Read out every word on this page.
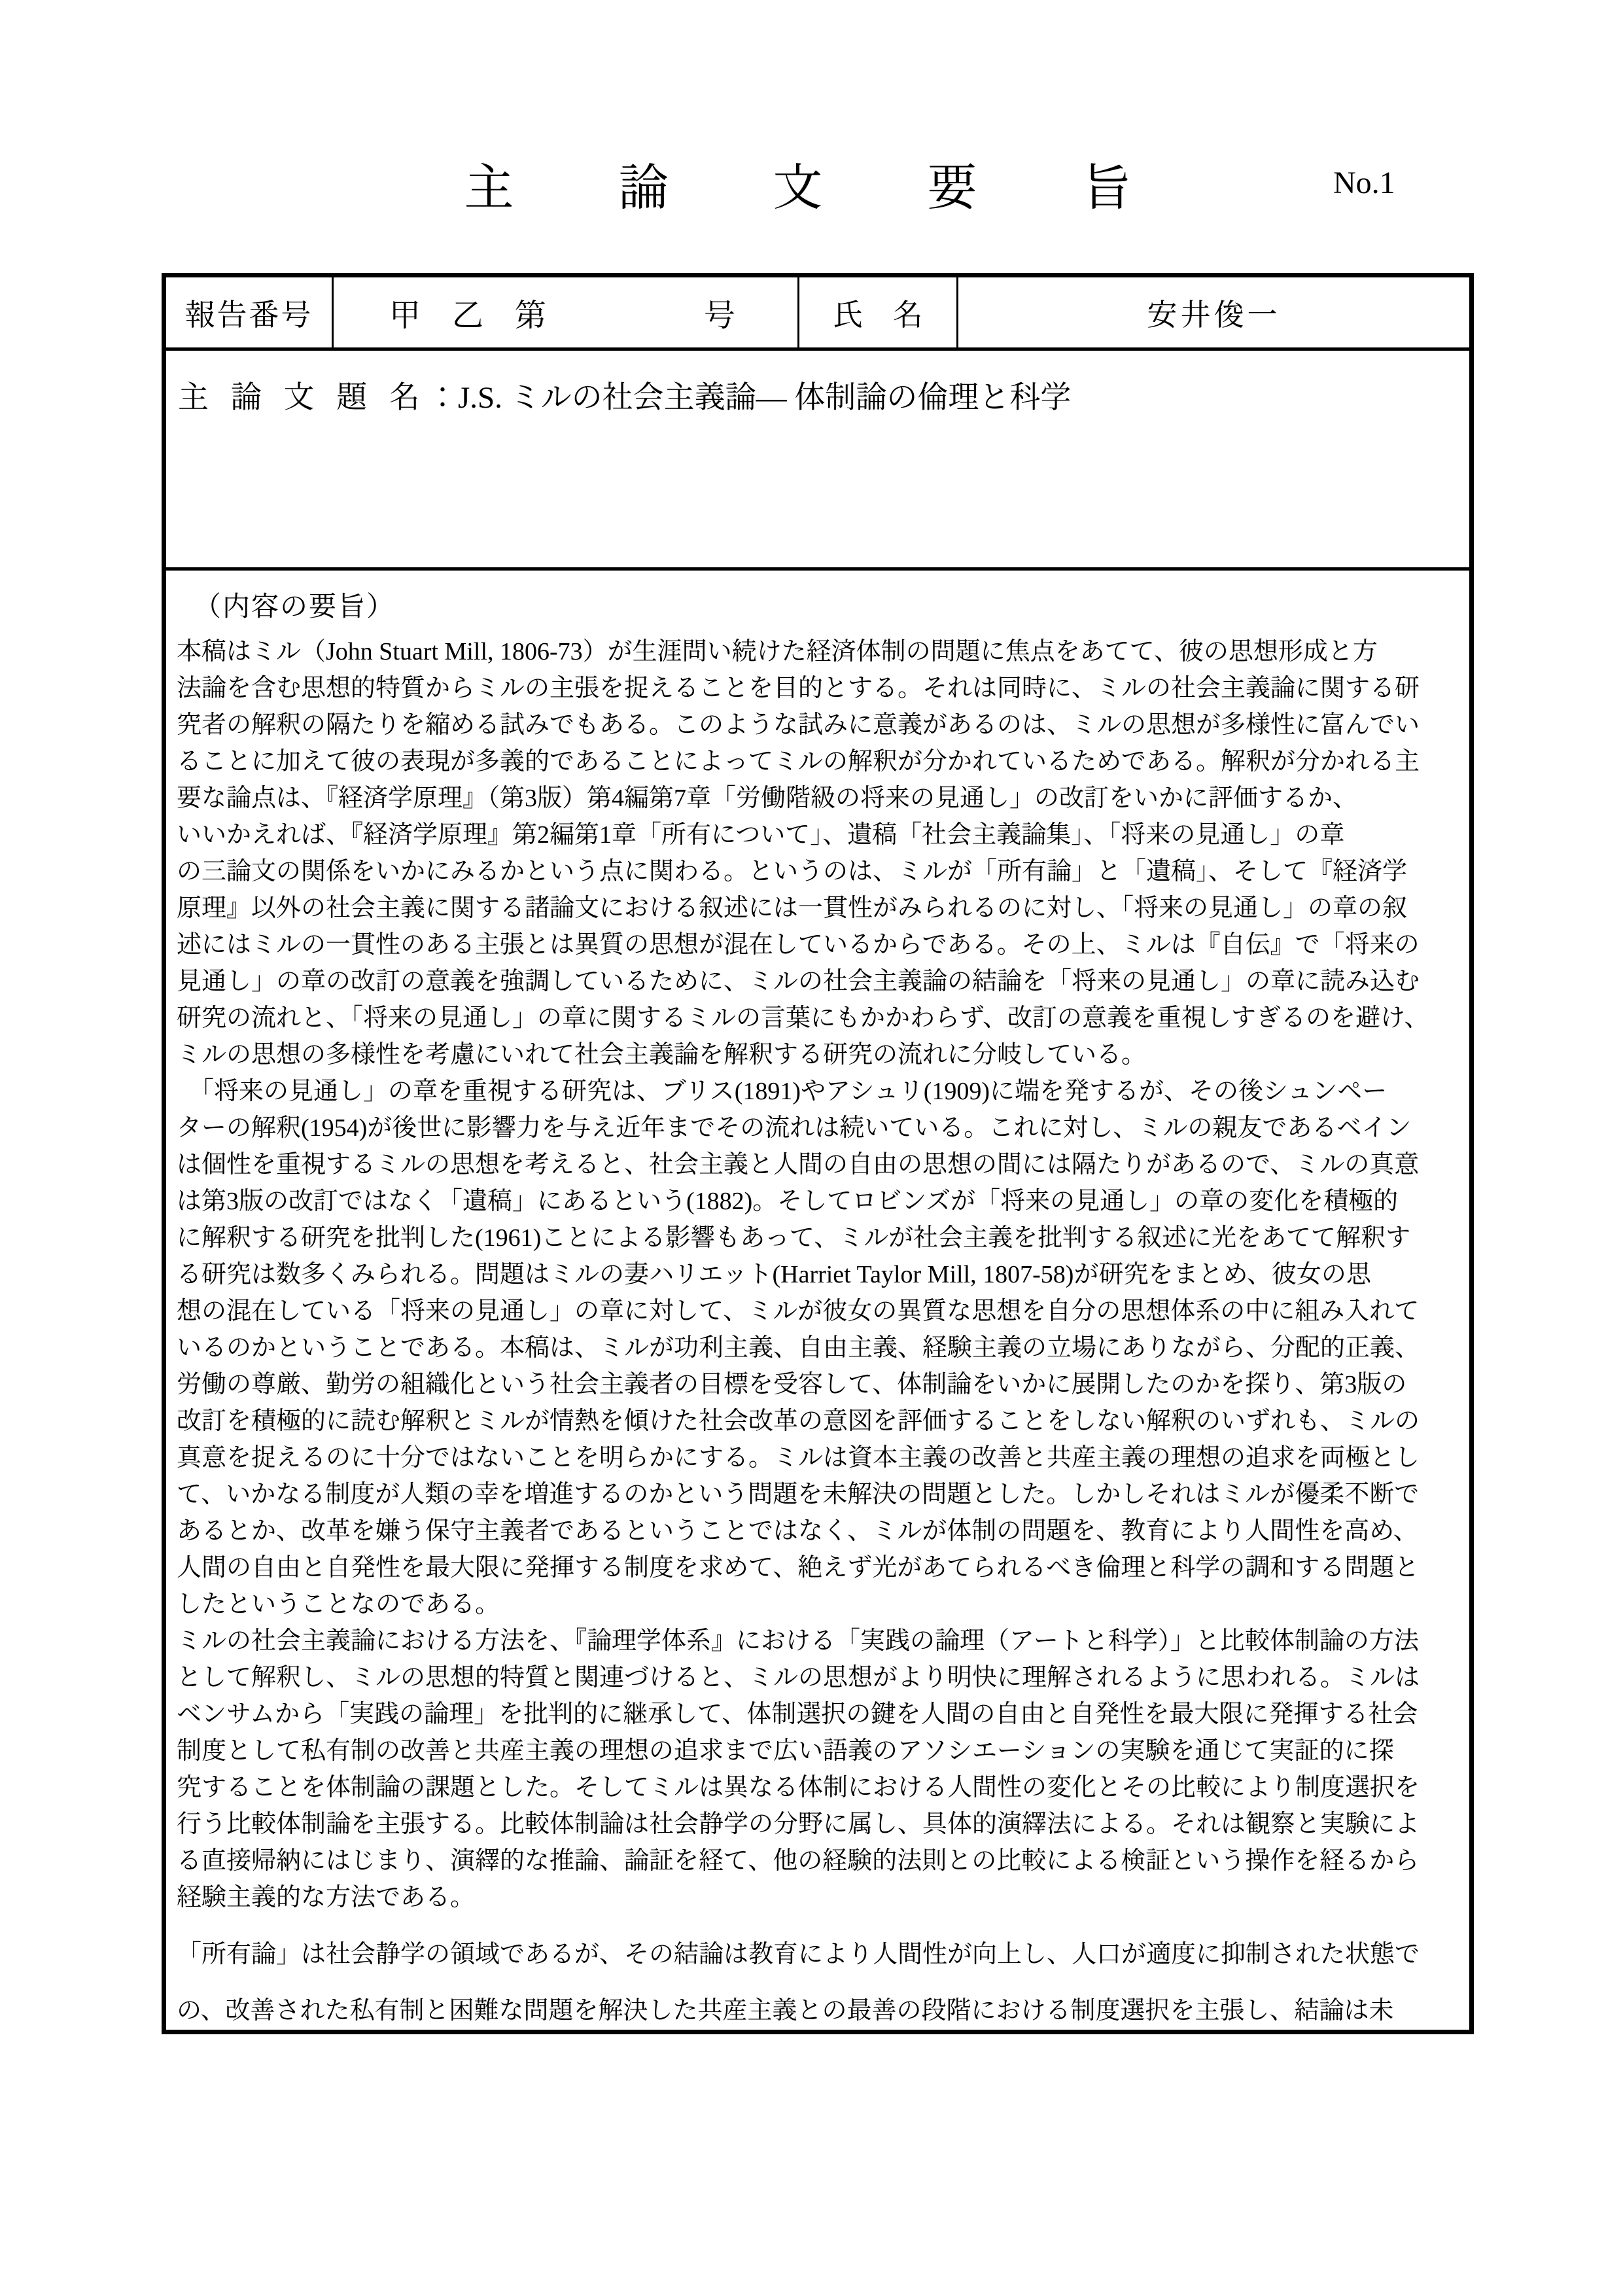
主　論　文　要　旨	No.1
報告番号 甲　乙　第	号	氏　名	安井俊一
主 論 文 題 名：J.S. ミルの社会主義論― 体制論の倫理と科学
（内容の要旨）
本稿はミル（John Stuart Mill, 1806-73）が生涯問い続けた経済体制の問題に焦点をあてて、彼の思想形成と方
法論を含む思想的特質からミルの主張を捉えることを目的とする。それは同時に、ミルの社会主義論に関する研
究者の解釈の隔たりを縮める試みでもある。このような試みに意義があるのは、ミルの思想が多様性に富んでい
ることに加えて彼の表現が多義的であることによってミルの解釈が分かれているためである。解釈が分かれる主
要な論点は、『経済学原理』（第3版）第4編第7章「労働階級の将来の見通し」の改訂をいかに評価するか、
いいかえれば、『経済学原理』第2編第1章「所有について」、遺稿「社会主義論集」、「将来の見通し」の章
の三論文の関係をいかにみるかという点に関わる。というのは、ミルが「所有論」と「遺稿」、そして『経済学
原理』以外の社会主義に関する諸論文における叙述には一貫性がみられるのに対し、「将来の見通し」の章の叙
述にはミルの一貫性のある主張とは異質の思想が混在しているからである。その上、ミルは『自伝』で「将来の
見通し」の章の改訂の意義を強調しているために、ミルの社会主義論の結論を「将来の見通し」の章に読み込む
研究の流れと、「将来の見通し」の章に関するミルの言葉にもかかわらず、改訂の意義を重視しすぎるのを避け、
ミルの思想の多様性を考慮にいれて社会主義論を解釈する研究の流れに分岐している。
　「将来の見通し」の章を重視する研究は、ブリス(1891)やアシュリ(1909)に端を発するが、その後シュンペー
ターの解釈(1954)が後世に影響力を与え近年までその流れは続いている。これに対し、ミルの親友であるベイン
は個性を重視するミルの思想を考えると、社会主義と人間の自由の思想の間には隔たりがあるので、ミルの真意
は第3版の改訂ではなく「遺稿」にあるという(1882)。そしてロビンズが「将来の見通し」の章の変化を積極的
に解釈する研究を批判した(1961)ことによる影響もあって、ミルが社会主義を批判する叙述に光をあてて解釈す
る研究は数多くみられる。問題はミルの妻ハリエット(Harriet Taylor Mill, 1807-58)が研究をまとめ、彼女の思
想の混在している「将来の見通し」の章に対して、ミルが彼女の異質な思想を自分の思想体系の中に組み入れて
いるのかということである。本稿は、ミルが功利主義、自由主義、経験主義の立場にありながら、分配的正義、
労働の尊厳、勤労の組織化という社会主義者の目標を受容して、体制論をいかに展開したのかを探り、第3版の
改訂を積極的に読む解釈とミルが情熱を傾けた社会改革の意図を評価することをしない解釈のいずれも、ミルの
真意を捉えるのに十分ではないことを明らかにする。ミルは資本主義の改善と共産主義の理想の追求を両極とし
て、いかなる制度が人類の幸を増進するのかという問題を未解決の問題とした。しかしそれはミルが優柔不断で
あるとか、改革を嫌う保守主義者であるということではなく、ミルが体制の問題を、教育により人間性を高め、
人間の自由と自発性を最大限に発揮する制度を求めて、絶えず光があてられるべき倫理と科学の調和する問題と
したということなのである。
ミルの社会主義論における方法を、『論理学体系』における「実践の論理（アートと科学）」と比較体制論の方法
として解釈し、ミルの思想的特質と関連づけると、ミルの思想がより明快に理解されるように思われる。ミルは
ベンサムから「実践の論理」を批判的に継承して、体制選択の鍵を人間の自由と自発性を最大限に発揮する社会
制度として私有制の改善と共産主義の理想の追求まで広い語義のアソシエーションの実験を通じて実証的に探
究することを体制論の課題とした。そしてミルは異なる体制における人間性の変化とその比較により制度選択を
行う比較体制論を主張する。比較体制論は社会静学の分野に属し、具体的演繹法による。それは観察と実験によ
る直接帰納にはじまり、演繹的な推論、論証を経て、他の経験的法則との比較による検証という操作を経るから
経験主義的な方法である。
「所有論」は社会静学の領域であるが、その結論は教育により人間性が向上し、人口が適度に抑制された状態で
の、改善された私有制と困難な問題を解決した共産主義との最善の段階における制度選択を主張し、結論は未
